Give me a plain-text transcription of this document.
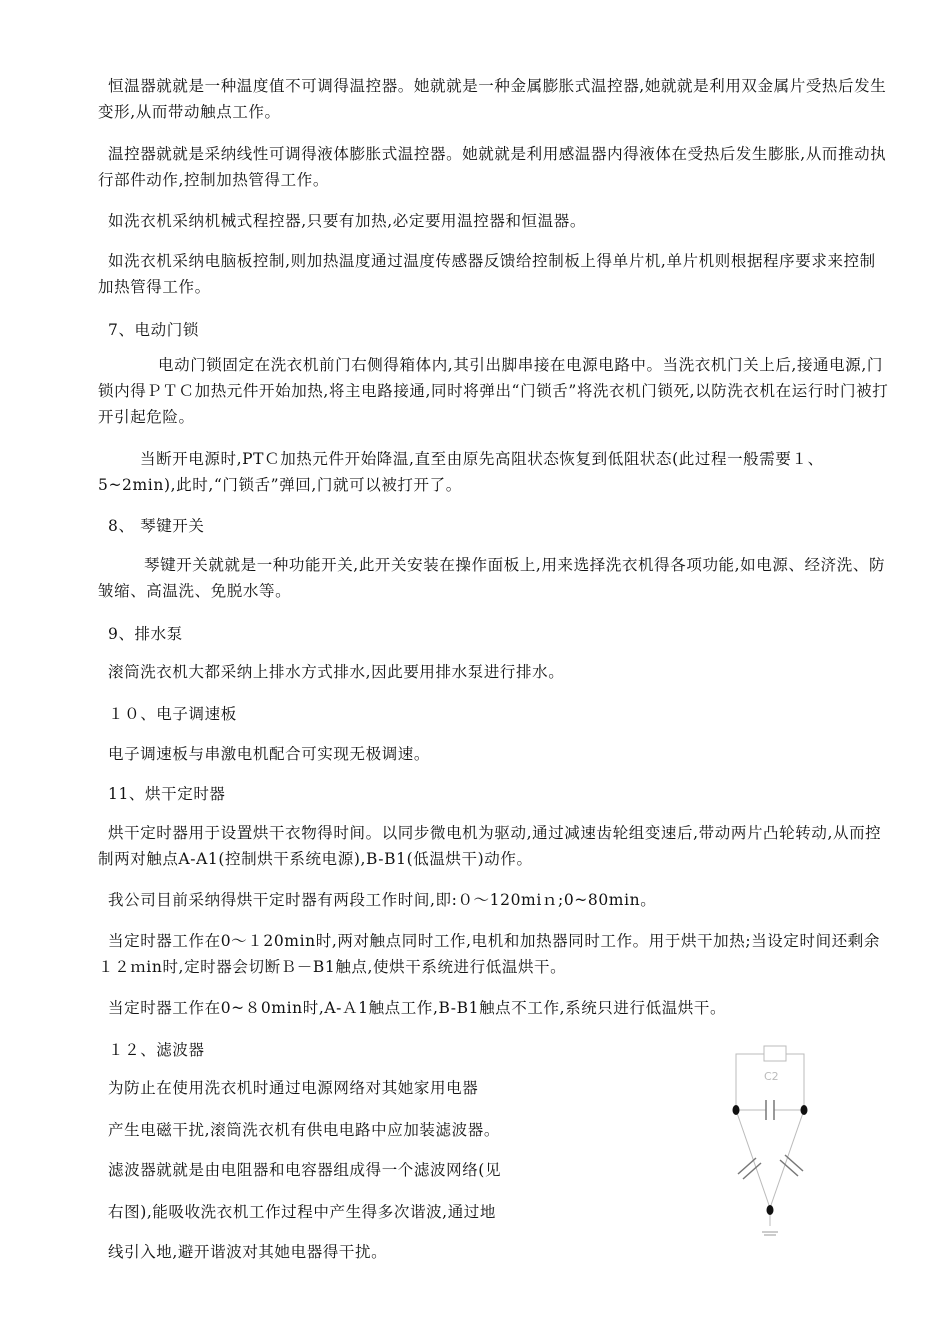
恒温器就就是一种温度值不可调得温控器。她就就是一种金属膨胀式温控器,她就就是利用双金属片受热后发生变形,从而带动触点工作。
温控器就就是采纳线性可调得液体膨胀式温控器。她就就是利用感温器内得液体在受热后发生膨胀,从而推动执行部件动作,控制加热管得工作。
如洗衣机采纳机械式程控器,只要有加热,必定要用温控器和恒温器。
如洗衣机采纳电脑板控制,则加热温度通过温度传感器反馈给控制板上得单片机,单片机则根据程序要求来控制加热管得工作。
7、电动门锁
电动门锁固定在洗衣机前门右侧得箱体内,其引出脚串接在电源电路中。当洗衣机门关上后,接通电源,门锁内得ＰＴＣ加热元件开始加热,将主电路接通,同时将弹出“门锁舌”将洗衣机门锁死,以防洗衣机在运行时门被打开引起危险。
当断开电源时,PTＣ加热元件开始降温,直至由原先高阻状态恢复到低阻状态(此过程一般需要１、5~2min),此时,“门锁舌”弹回,门就可以被打开了。
8、 琴键开关
琴键开关就就是一种功能开关,此开关安装在操作面板上,用来选择洗衣机得各项功能,如电源、经济洗、防皱缩、高温洗、免脱水等。
9、排水泵
滚筒洗衣机大都采纳上排水方式排水,因此要用排水泵进行排水。
１０、电子调速板
电子调速板与串激电机配合可实现无极调速。
11、烘干定时器
烘干定时器用于设置烘干衣物得时间。以同步微电机为驱动,通过减速齿轮组变速后,带动两片凸轮转动,从而控制两对触点A-A1(控制烘干系统电源),B-B1(低温烘干)动作。
我公司目前采纳得烘干定时器有两段工作时间,即:０～120miｎ;0~80min。
当定时器工作在0～１20min时,两对触点同时工作,电机和加热器同时工作。用于烘干加热;当设定时间还剩余１２ｍin时,定时器会切断Ｂ－B1触点,使烘干系统进行低温烘干。
当定时器工作在0~８0min时,A-Ａ1触点工作,B-B1触点不工作,系统只进行低温烘干。
１２、滤波器
为防止在使用洗衣机时通过电源网络对其她家用电器
产生电磁干扰,滚筒洗衣机有供电电路中应加装滤波器。
滤波器就就是由电阻器和电容器组成得一个滤波网络(见
右图),能吸收洗衣机工作过程中产生得多次谐波,通过地
线引入地,避开谐波对其她电器得干扰。
C2
